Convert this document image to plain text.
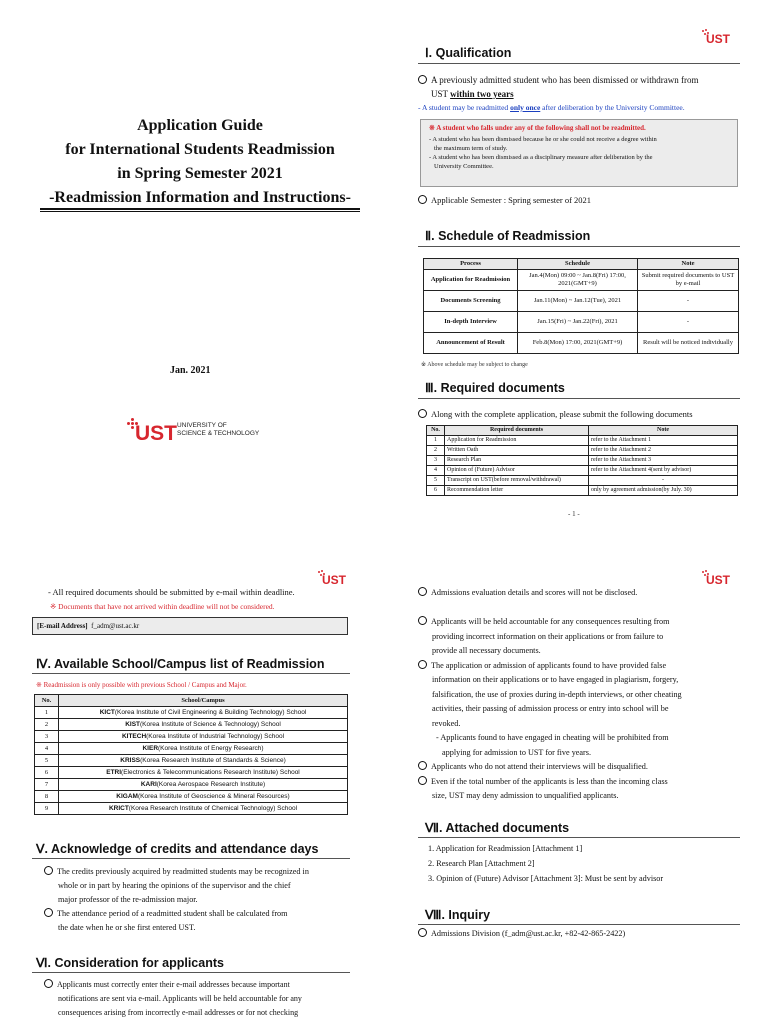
Application Guide
for International Students Readmission
in Spring Semester 2021
-Readmission Information and Instructions-
Jan. 2021
UST UNIVERSITY OF
SCIENCE & TECHNOLOGY
UST
Ⅰ. Qualification
A previously admitted student who has been dismissed or withdrawn from
UST within two years
- A student may be readmitted only once after deliberation by the University Committee.
※ A student who falls under any of the following shall not be readmitted.
- A student who has been dismissed because he or she could not receive a degree within
the maximum term of study.
- A student who has been dismissed as a disciplinary measure after deliberation by the
University Committee.
Applicable Semester : Spring semester of 2021
Ⅱ. Schedule of Readmission
Process	Schedule	Note
Application for Readmission	Jan.4(Mon) 09:00 ~ Jan.8(Fri) 17:00, 2021(GMT+9)	Submit required documents to UST by e-mail
Documents Screening	Jan.11(Mon) ~ Jan.12(Tue), 2021	-
In-depth Interview	Jan.15(Fri) ~ Jan.22(Fri), 2021	-
Announcement of Result	Feb.8(Mon) 17:00, 2021(GMT+9)	Result will be noticed individually
※ Above schedule may be subject to change
Ⅲ. Required documents
Along with the complete application, please submit the following documents
No.	Required documents	Note
1	Application for Readmission	refer to the Attachment 1
2	Written Oath	refer to the Attachment 2
3	Research Plan	refer to the Attachment 3
4	Opinion of (Future) Advisor	refer to the Attachment 4(sent by advisor)
5	Transcript on UST(before removal/withdrawal)	-
6	Recommendation letter	only by agreement admission(by July. 30)
- 1 -
UST	UST
- All required documents should be submitted by e-mail within deadline.
※ Documents that have not arrived within deadline will not be considered.
[E-mail Address] f_adm@ust.ac.kr
Ⅳ. Available School/Campus list of Readmission
※ Readmission is only possible with previous School / Campus and Major.
No.	School/Campus
1	KICT(Korea Institute of Civil Engineering & Building Technology) School
2	KIST(Korea Institute of Science & Technology) School
3	KITECH(Korea Institute of Industrial Technology) School
4	KIER(Korea Institute of Energy Research)
5	KRISS(Korea Research Institute of Standards & Science)
6	ETRI(Electronics & Telecommunications Research Institute) School
7	KARI(Korea Aerospace Research Institute)
8	KIGAM(Korea Institute of Geoscience & Mineral Resources)
9	KRICT(Korea Research Institute of Chemical Technology) School
Ⅴ. Acknowledge of credits and attendance days
The credits previously acquired by readmitted students may be recognized in
whole or in part by hearing the opinions of the supervisor and the chief
major professor of the re-admission major.
The attendance period of a readmitted student shall be calculated from
the date when he or she first entered UST.
Ⅵ. Consideration for applicants
Applicants must correctly enter their e-mail addresses because important
notifications are sent via e-mail. Applicants will be held accountable for any
consequences arising from incorrectly e-mail addresses or for not checking
Admissions evaluation details and scores will not be disclosed.
Applicants will be held accountable for any consequences resulting from
providing incorrect information on their applications or from failure to
provide all necessary documents.
The application or admission of applicants found to have provided false
information on their applications or to have engaged in plagiarism, forgery,
falsification, the use of proxies during in-depth interviews, or other cheating
activities, their passing of admission process or entry into school will be
revoked.
- Applicants found to have engaged in cheating will be prohibited from
applying for admission to UST for five years.
Applicants who do not attend their interviews will be disqualified.
Even if the total number of the applicants is less than the incoming class
size, UST may deny admission to unqualified applicants.
Ⅶ. Attached documents
1. Application for Readmission [Attachment 1]
2. Research Plan [Attachment 2]
3. Opinion of (Future) Advisor [Attachment 3]: Must be sent by advisor
Ⅷ. Inquiry
Admissions Division (f_adm@ust.ac.kr, +82-42-865-2422)
